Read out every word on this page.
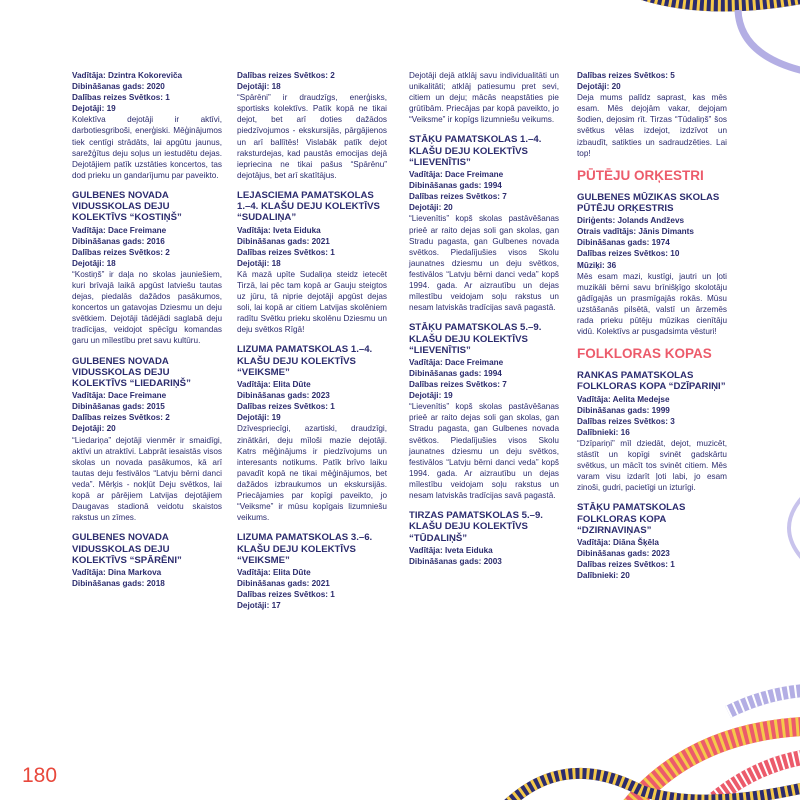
Vadītāja: Dzintra Kokoreviča

Dibināšanas gads: 2020

Dalības reizes Svētkos: 1

Dejotāji: 19

Kolektīva dejotāji ir aktīvi, darbotiesgriboši, enerģiski. Mēģinājumos tiek centīgi strādāts, lai apgūtu jaunus, sarežģītus deju soļus un iestudētu dejas. Dejotājiem patīk uzstāties koncertos, tas dod prieku un gandarījumu par paveikto.

GULBENES NOVADA VIDUSSKOLAS DEJU KOLEKTĪVS “KOSTIŅŠ”

Vadītāja: Dace Freimane

Dibināšanas gads: 2016

Dalības reizes Svētkos: 2

Dejotāji: 18

“Kostiņš” ir daļa no skolas jauniešiem, kuri brīvajā laikā apgūst latviešu tautas dejas, piedalās dažādos pasākumos, koncertos un gatavojas Dziesmu un deju svētkiem. Dejotāji tādējādi saglabā deju tradīcijas, veidojot spēcīgu komandas garu un mīlestību pret savu kultūru.

GULBENES NOVADA VIDUSSKOLAS DEJU KOLEKTĪVS “LIEDARIŅŠ”

Vadītāja: Dace Freimane

Dibināšanas gads: 2015

Dalības reizes Svētkos: 2

Dejotāji: 20

“Liedariņa” dejotāji vienmēr ir smaidīgi, aktīvi un atraktīvi. Labprāt iesaistās visos skolas un novada pasākumos, kā arī tautas deju festivālos “Latvju bērni danci veda”. Mērķis - nokļūt Deju svētkos, lai kopā ar pārējiem Latvijas dejotājiem Daugavas stadionā veidotu skaistos rakstus un zīmes.

GULBENES NOVADA VIDUSSKOLAS DEJU KOLEKTĪVS “SPĀRĒNI”

Vadītāja: Dina Markova

Dibināšanas gads: 2018

Dalības reizes Svētkos: 2

Dejotāji: 18

“Spārēni” ir draudzīgs, enerģisks, sportisks kolektīvs. Patīk kopā ne tikai dejot, bet arī doties dažādos piedzīvojumos - ekskursijās, pārgājienos un arī ballītēs! Vislabāk patīk dejot raksturdejas, kad paustās emocijas dejā iepriecina ne tikai pašus “Spārēnu” dejotājus, bet arī skatītājus.

LEJASCIEMA PAMATSKOLAS 1.–4. KLAŠU DEJU KOLEKTĪVS “SUDALIŅA”

Vadītāja: Iveta Eiduka

Dibināšanas gads: 2021

Dalības reizes Svētkos: 1

Dejotāji: 18

Kā mazā upīte Sudaliņa steidz ietecēt Tirzā, lai pēc tam kopā ar Gauju steigtos uz jūru, tā niprie dejotāji apgūst dejas soli, lai kopā ar citiem Latvijas skolēniem radītu Svētku prieku skolēnu Dziesmu un deju svētkos Rīgā!

LIZUMA PAMATSKOLAS 1.–4. KLAŠU DEJU KOLEKTĪVS “VEIKSME”

Vadītāja: Elita Dūte

Dibināšanas gads: 2023

Dalības reizes Svētkos: 1

Dejotāji: 19

Dzīvespriecīgi, azartiski, draudzīgi, zinātkāri, deju mīloši mazie dejotāji. Katrs mēģinājums ir piedzīvojums un interesants notikums. Patīk brīvo laiku pavadīt kopā ne tikai mēģinājumos, bet dažādos izbraukumos un ekskursijās. Priecājamies par kopīgi paveikto, jo “Veiksme” ir mūsu kopīgais lizumniešu veikums.

LIZUMA PAMATSKOLAS 3.–6. KLAŠU DEJU KOLEKTĪVS “VEIKSME”

Vadītāja: Elita Dūte

Dibināšanas gads: 2021

Dalības reizes Svētkos: 1

Dejotāji: 17

Dejotāji dejā atklāj savu individualitāti un unikalitāti; atklāj patiesumu pret sevi, citiem un deju; mācās neapstāties pie grūtībām. Priecājas par kopā paveikto, jo “Veiksme” ir kopīgs lizumniešu veikums.

STĀĶU PAMATSKOLAS 1.–4. KLAŠU DEJU KOLEKTĪVS “LIEVENĪTIS”

Vadītāja: Dace Freimane

Dibināšanas gads: 1994

Dalības reizes Svētkos: 7

Dejotāji: 20

“Lievenītis” kopš skolas pastāvēšanas prieē ar raito dejas soli gan skolas, gan Stradu pagasta, gan Gulbenes novada svētkos. Piedalījušies visos Skolu jaunatnes dziesmu un deju svētkos, festivālos “Latvju bērni danci veda” kopš 1994. gada. Ar aizrautību un dejas mīlestību veidojam soļu rakstus un nesam latviskās tradīcijas savā pagastā.

STĀĶU PAMATSKOLAS 5.–9. KLAŠU DEJU KOLEKTĪVS “LIEVENĪTIS”

Vadītāja: Dace Freimane

Dibināšanas gads: 1994

Dalības reizes Svētkos: 7

Dejotāji: 19

“Lievenītis” kopš skolas pastāvēšanas prieē ar raito dejas soli gan skolas, gan Stradu pagasta, gan Gulbenes novada svētkos. Piedalījušies visos Skolu jaunatnes dziesmu un deju svētkos, festivālos “Latvju bērni danci veda” kopš 1994. gada. Ar aizrautību un dejas mīlestību veidojam soļu rakstus un nesam latviskās tradīcijas savā pagastā.

TIRZAS PAMATSKOLAS 5.–9. KLAŠU DEJU KOLEKTĪVS “TŪDALIŅŠ”

Vadītāja: Iveta Eiduka

Dibināšanas gads: 2003

Dalības reizes Svētkos: 5

Dejotāji: 20

Deja mums palīdz saprast, kas mēs esam. Mēs dejojām vakar, dejojam šodien, dejosim rīt. Tirzas “Tūdaliņš” šos svētkus vēlas izdejot, izdzīvot un izbaudīt, satikties un sadraudzēties. Lai top!

PŪTĒJU ORĶESTRI

GULBENES MŪZIKAS SKOLAS PŪTĒJU ORĶESTRIS

Diriģents: Jolands Andževs

Otrais vadītājs: Jānis Dimants

Dibināšanas gads: 1974

Dalības reizes Svētkos: 10

Mūziķi: 36

Mēs esam mazi, kustīgi, jautri un ļoti muzikāli bērni savu brīnišķīgo skolotāju gādīgajās un prasmīgajās rokās. Mūsu uzstāšanās pilsētā, valstī un ārzemēs rada prieku pūtēju mūzikas cienītāju vidū. Kolektīvs ar pusgadsimta vēsturi!

FOLKLORAS KOPAS

RANKAS PAMATSKOLAS FOLKLORAS KOPA “DZĪPARIŅI”

Vadītāja: Aelita Medejse

Dibināšanas gads: 1999

Dalības reizes Svētkos: 3

Dalībnieki: 16

“Dzīpariņi” mīl dziedāt, dejot, muzicēt, stāstīt un kopīgi svinēt gadskārtu svētkus, un mācīt tos svinēt citiem. Mēs varam visu izdarīt ļoti labi, jo esam zinoši, gudri, pacietīgi un izturīgi.

STĀĶU PAMATSKOLAS FOLKLORAS KOPA “DZIRNAVIŅAS”

Vadītāja: Diāna Šķēla

Dibināšanas gads: 2023

Dalības reizes Svētkos: 1

Dalībnieki: 20

180
